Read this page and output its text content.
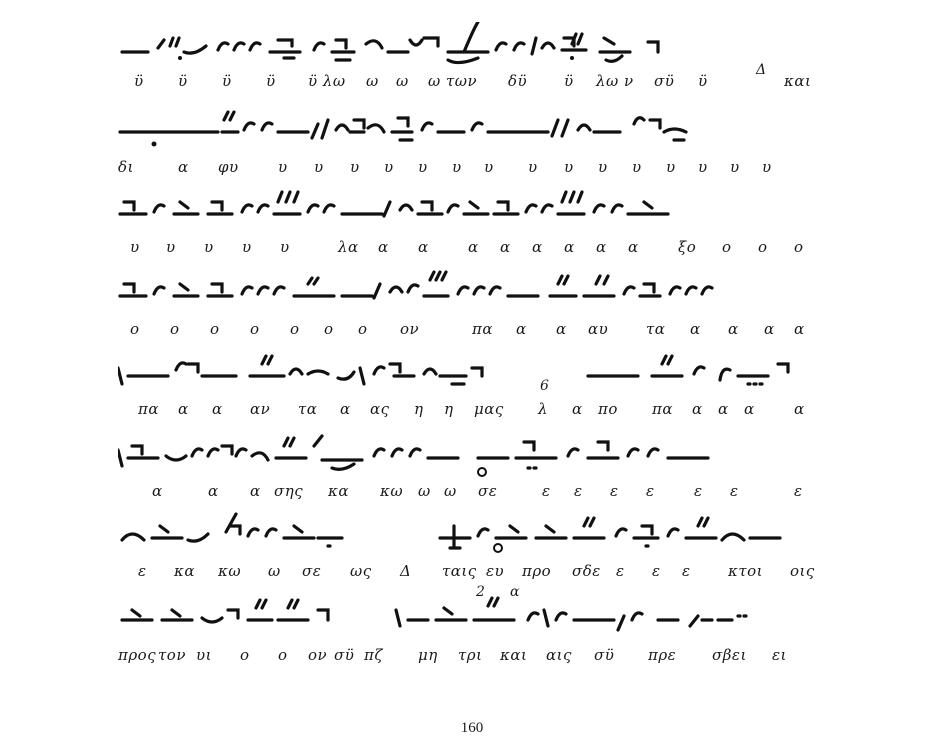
ϋ ϋ ϋ ϋ ϋ λω ω ω ω των δϋ ϋ λω ν σϋ ϋ	και
Δ
δι	α φυ	υ υ υ υ υ υ υ υ υ υ υ υ υ υ υ
υ υ υ υ υ	λα α α	α α α α α α	ξο ο ο ο
ο ο ο ο ο ο ο ον	πα α α αυ	τα α α α α
πα α α αν τα α ας η η μας λ α πο πα α α α	α
6
α	α α σης κα κω ω ω σε	ε ε ε ε	ε ε	ε
ε κα κω ω σε ως Δ ταις ευ προ σδε ε ε ε κτοι οις
2 α
προς τον υι ο ο ον σϋ πζ μη τρι και αις σϋ πρε σβει ει
160
